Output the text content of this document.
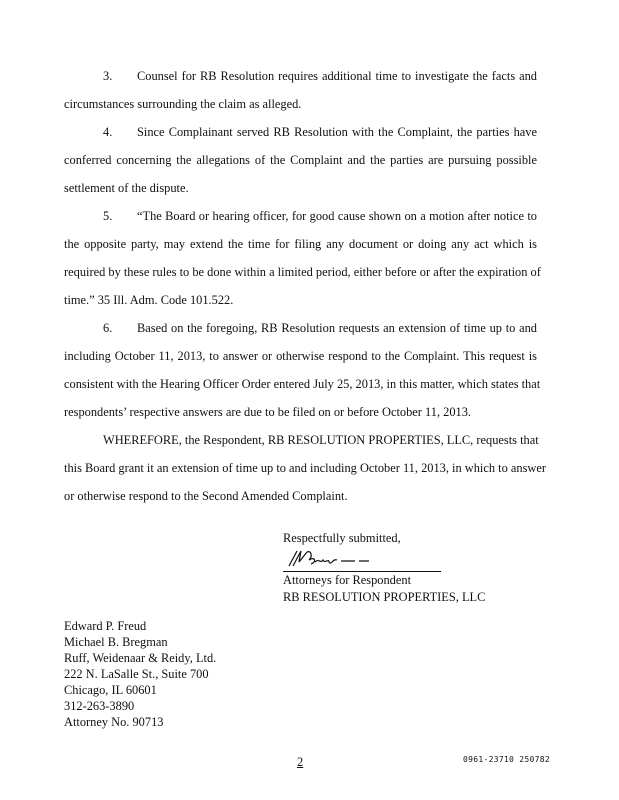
3. Counsel for RB Resolution requires additional time to investigate the facts and
circumstances surrounding the claim as alleged.
4. Since Complainant served RB Resolution with the Complaint, the parties have
conferred concerning the allegations of the Complaint and the parties are pursuing possible
settlement of the dispute.
5. “The Board or hearing officer, for good cause shown on a motion after notice to
the opposite party, may extend the time for filing any document or doing any act which is
required by these rules to be done within a limited period, either before or after the expiration of
time.” 35 Ill. Adm. Code 101.522.
6. Based on the foregoing, RB Resolution requests an extension of time up to and
including October 11, 2013, to answer or otherwise respond to the Complaint. This request is
consistent with the Hearing Officer Order entered July 25, 2013, in this matter, which states that
respondents’ respective answers are due to be filed on or before October 11, 2013.
WHEREFORE, the Respondent, RB RESOLUTION PROPERTIES, LLC, requests that
this Board grant it an extension of time up to and including October 11, 2013, in which to answer
or otherwise respond to the Second Amended Complaint.
Respectfully submitted,
Attorneys for Respondent
RB RESOLUTION PROPERTIES, LLC
Edward P. Freud
Michael B. Bregman
Ruff, Weidenaar & Reidy, Ltd.
222 N. LaSalle St., Suite 700
Chicago, IL 60601
312-263-3890
Attorney No. 90713
2	0961-23710 250782
